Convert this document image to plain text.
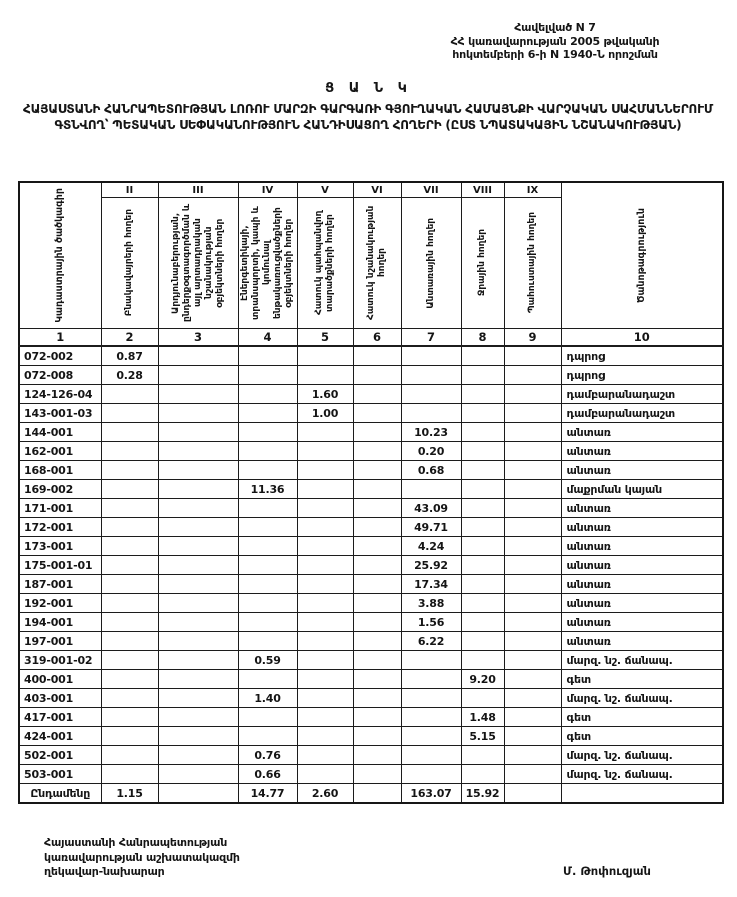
Հավելված N 7
ՀՀ կառավարության 2005 թվականի
հոկտեմբերի 6-ի N 1940-Ն որոշման
Ց Ա Ն Կ
ՀԱՅԱՍՏԱՆԻ ՀԱՆՐԱՊԵՏՈՒԹՅԱՆ ԼՈՌՈՒ ՄԱՐԶԻ ԳԱՐԳԱՌԻ ԳՅՈՒՂԱԿԱՆ ՀԱՄԱՅՆՔԻ ՎԱՐՉԱԿԱՆ ՍԱՀՄԱՆՆԵՐՈՒՄ ԳՏՆՎՈՂ՝ ՊԵՏԱԿԱՆ ՍԵՓԱԿԱՆՈՒԹՅՈՒՆ ՀԱՆԴԻՍԱՑՈՂ ՀՈՂԵՐԻ (ԸՍՏ ՆՊԱՏԱԿԱՅԻՆ ՆՇԱՆԱԿՈՒԹՅԱՆ)
Կադաստրային ծածկագիր	II	III	IV	V	VI	VII	VIII	IX	Ծանոթագրություն

	Բնակավայրերի հողեր	Արդյունաբերության, ընդերքօգտագործման և այլ արտադրական նշանակության օբյեկտների հողեր	Էներգետիկայի, տրանսպորտի, կապի և կոմունալ ենթակառուցվածքների օբյեկտների հողեր	Հատուկ պահպանվող տարածքների հողեր	Հատուկ նշանակության հողեր	Անտառային հողեր	Ջրային հողեր	Պահուստային հողեր	

1	2	3	4	5	6	7	8	9	10
072-002	0.87								դպրոց
072-008	0.28								դպրոց
124-126-04				1.60					դամբարանադաշտ
143-001-03				1.00					դամբարանադաշտ
144-001						10.23			անտառ
162-001						0.20			անտառ
168-001						0.68			անտառ
169-002			11.36						մաքրման կայան
171-001						43.09			անտառ
172-001						49.71			անտառ
173-001						4.24			անտառ
175-001-01						25.92			անտառ
187-001						17.34			անտառ
192-001						3.88			անտառ
194-001						1.56			անտառ
197-001						6.22			անտառ
319-001-02			0.59						մարզ. նշ. ճանապ.
400-001							9.20		գետ
403-001			1.40						մարզ. նշ. ճանապ.
417-001							1.48		գետ
424-001							5.15		գետ
502-001			0.76						մարզ. նշ. ճանապ.
503-001			0.66						մարզ. նշ. ճանապ.
Ընդամենը	1.15		14.77	2.60		163.07	15.92		
Հայաստանի Հանրապետության
կառավարության աշխատակազմի
ղեկավար-նախարար	Մ. Թոփուզյան
